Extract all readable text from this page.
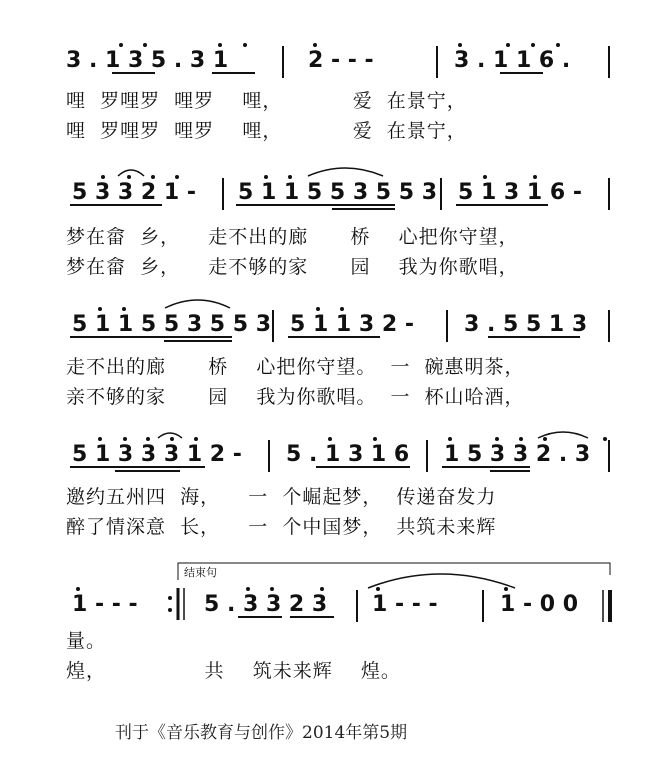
3 . 1 3 5 . 3 1	2 - - -	3 . 1 1 6 .
哩  罗哩罗  哩罗    哩，          爱  在景宁，
哩  罗哩罗  哩罗    哩，          爱  在景宁，
5 3 3 2 1 - 5 1 1 5 5 3 5 5 3 5 1 3 1 6 -
梦在畲  乡，    走不出的廊      桥    心把你守望，
梦在畲  乡，    走不够的家      园    我为你歌唱，
5 1 1 5 5 3 5 5 3 5 1 1 3 2 - 3 . 5 5 1 3
走不出的廊      桥    心把你守望。  一  碗惠明茶，
亲不够的家      园    我为你歌唱。  一  杯山哈酒，
5 1 3 3 3 1 2 - 5 . 1 3 1 6 1 5 3 3 2 . 3
邀约五州四  海，    一  个崛起梦，  传递奋发力
醉了情深意  长，    一  个中国梦，  共筑未来辉
结束句
1 - - -	5 . 3 3 2 3 1 - - -	1 - 0 0
量。
煌，              共    筑未来辉    煌。
刊于《音乐教育与创作》2014年第5期
